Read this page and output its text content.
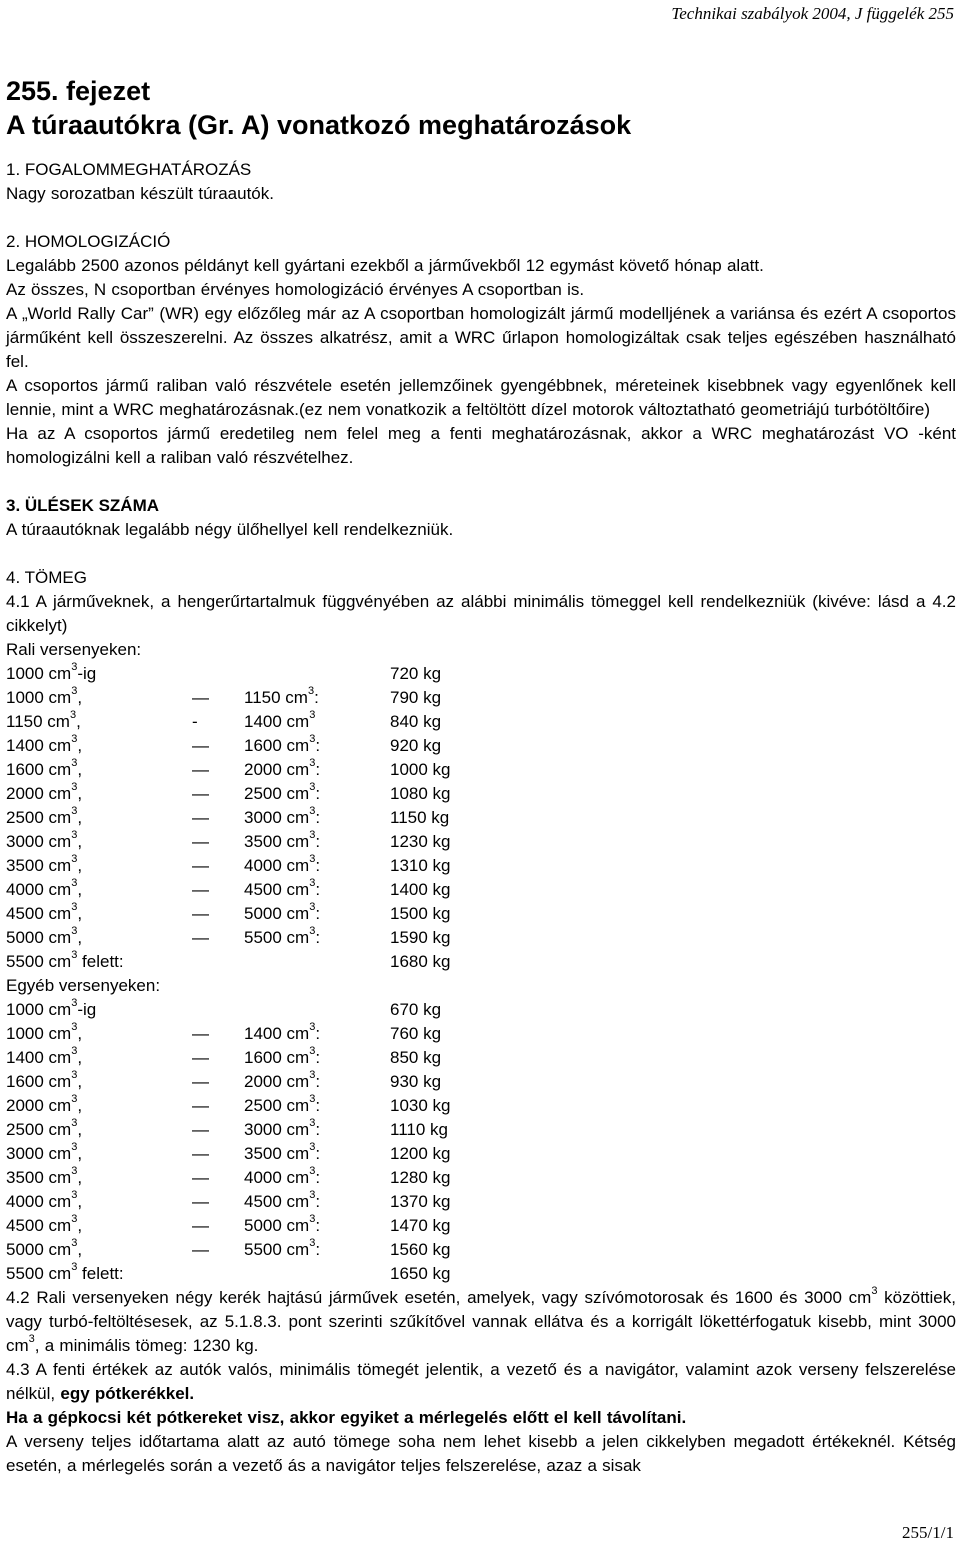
Technikai szabályok 2004, J függelék 255
255. fejezet
A túraautókra (Gr. A) vonatkozó meghatározások
1. FOGALOMMEGHATÁROZÁS
Nagy sorozatban készült túraautók.
2. HOMOLOGIZÁCIÓ
Legalább 2500 azonos példányt kell gyártani ezekből a járművekből 12 egymást követő hónap alatt.
Az összes, N csoportban érvényes homologizáció érvényes A csoportban is.
A „World Rally Car” (WR) egy előzőleg már az A csoportban homologizált jármű modelljének a variánsa és ezért A csoportos járműként kell összeszerelni. Az összes alkatrész, amit a WRC űrlapon homologizáltak csak teljes egészében használható fel.
A csoportos jármű raliban való részvétele esetén jellemzőinek gyengébbnek, méreteinek kisebbnek vagy egyenlőnek kell lennie, mint a WRC meghatározásnak.(ez nem vonatkozik a feltöltött dízel motorok változtatható geometriájú turbótöltőire)
Ha az A csoportos jármű eredetileg nem felel meg a fenti meghatározásnak, akkor a WRC meghatározást VO -ként homologizálni kell a raliban való részvételhez.
3. ÜLÉSEK SZÁMA
A túraautóknak legalább négy ülőhellyel kell rendelkezniük.
4. TÖMEG
4.1 A járműveknek, a hengerűrtartalmuk függvényében az alábbi minimális tömeggel kell rendelkezniük (kivéve: lásd a 4.2 cikkelyt)
Rali versenyeken:
1000 $cm^3-ig$	720 kg
1000 $cm^3$,	— 1150 $cm^3$:	790 kg
1150 $cm^3$,	-	1400 $cm^3$	840 kg
1400 $cm^3$,	— 1600 $cm^3$:	920 kg
1600 $cm^3$,	— 2000 $cm^3$:	1000 kg
2000 $cm^3$,	— 2500 $cm^3$:	1080 kg
2500 $cm^3$,	— 3000 $cm^3$:	1150 kg
3000 $cm^3$,	— 3500 $cm^3$:	1230 kg
3500 $cm^3$,	— 4000 $cm^3$:	1310 kg
4000 $cm^3$,	— 4500 $cm^3$:	1400 kg
4500 $cm^3$,	— 5000 $cm^3$:	1500 kg
5000 $cm^3$,	— 5500 $cm^3$:	1590 kg
5500 $cm^3$ felett:	1680 kg
Egyéb versenyeken:
1000 $cm^3-ig$	670 kg
1000 $cm^3$,	— 1400 $cm^3$:	760 kg
1400 $cm^3$,	— 1600 $cm^3$:	850 kg
1600 $cm^3$,	— 2000 $cm^3$:	930 kg
2000 $cm^3$,	— 2500 $cm^3$:	1030 kg
2500 $cm^3$,	— 3000 $cm^3$:	1110 kg
3000 $cm^3$,	— 3500 $cm^3$:	1200 kg
3500 $cm^3$,	— 4000 $cm^3$:	1280 kg
4000 $cm^3$,	— 4500 $cm^3$:	1370 kg
4500 $cm^3$,	— 5000 $cm^3$:	1470 kg
5000 $cm^3$,	— 5500 $cm^3$:	1560 kg
5500 $cm^3$ felett:	1650 kg
4.2 Rali versenyeken négy kerék hajtású járművek esetén, amelyek, vagy szívómotorosak és 1600 és 3000 $cm^3$ közöttiek, vagy turbó-feltöltésesek, az 5.1.8.3. pont szerinti szűkítővel vannak ellátva és a korrigált lökettérfogatuk kisebb, mint 3000 $cm^3$, a minimális tömeg: 1230 kg.
4.3 A fenti értékek az autók valós, minimális tömegét jelentik, a vezető és a navigátor, valamint azok verseny felszerelése nélkül, egy pótkerékkel.
Ha a gépkocsi két pótkereket visz, akkor egyiket a mérlegelés előtt el kell távolítani.
A verseny teljes időtartama alatt az autó tömege soha nem lehet kisebb a jelen cikkelyben megadott értékeknél. Kétség esetén, a mérlegelés során a vezető ás a navigátor teljes felszerelése, azaz a sisak
255/1/1
